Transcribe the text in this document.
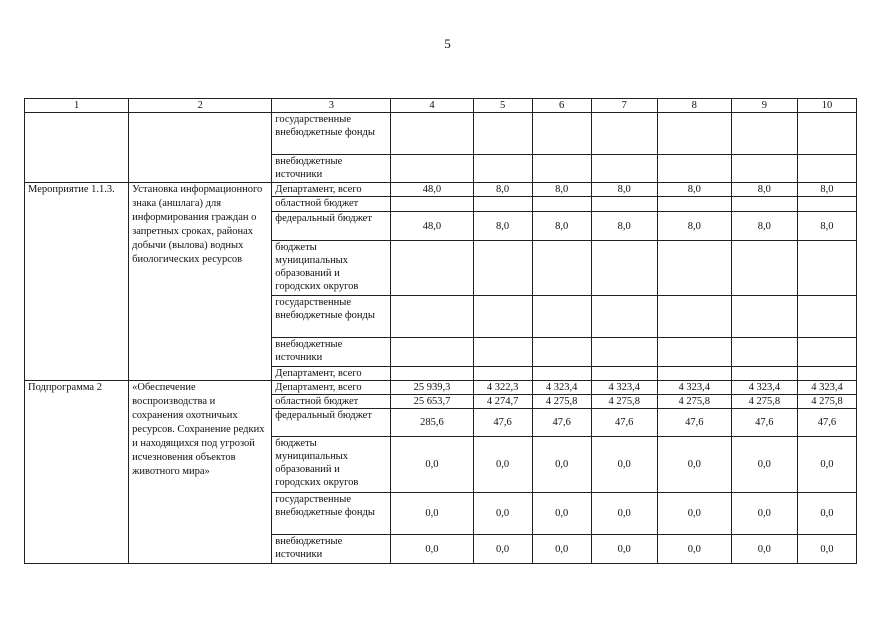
5
1	2	3	4	5	6	7	8	9	10
		государственные внебюджетные фонды							
		внебюджетные источники							
Мероприятие 1.1.3.	Установка информационного знака (аншлага) для информирования граждан о запретных сроках, районах добычи (вылова) водных биологических ресурсов	Департамент, всего	48,0	8,0	8,0	8,0	8,0	8,0	8,0
		областной бюджет							
		федеральный бюджет	48,0	8,0	8,0	8,0	8,0	8,0	8,0
		бюджеты муниципальных образований и городских округов							
		государственные внебюджетные фонды							
		внебюджетные источники							
		Департамент, всего							
Подпрограмма 2	«Обеспечение воспроизводства и сохранения охотничьих ресурсов. Сохранение редких и находящихся под угрозой исчезновения объектов животного мира»	Департамент, всего	25 939,3	4 322,3	4 323,4	4 323,4	4 323,4	4 323,4	4 323,4
		областной бюджет	25 653,7	4 274,7	4 275,8	4 275,8	4 275,8	4 275,8	4 275,8
		федеральный бюджет	285,6	47,6	47,6	47,6	47,6	47,6	47,6
		бюджеты муниципальных образований и городских округов	0,0	0,0	0,0	0,0	0,0	0,0	0,0
		государственные внебюджетные фонды	0,0	0,0	0,0	0,0	0,0	0,0	0,0
		внебюджетные источники	0,0	0,0	0,0	0,0	0,0	0,0	0,0
